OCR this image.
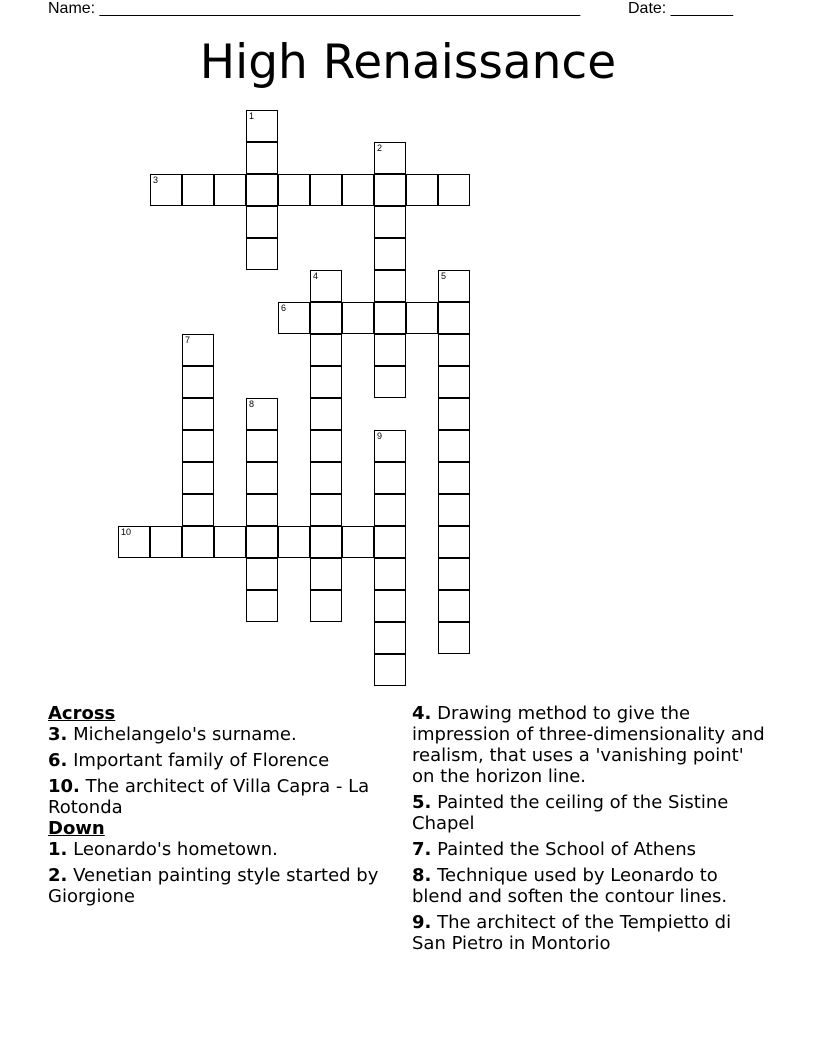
Name: ______________________________________________________	Date: _______
High Renaissance
1
2
3
4	5
6
7
8
9
10
Across
3. Michelangelo's surname.
6. Important family of Florence
10. The architect of Villa Capra - La Rotonda
Down
1. Leonardo's hometown.
2. Venetian painting style started by Giorgione
4. Drawing method to give the impression of three-dimensionality and realism, that uses a 'vanishing point' on the horizon line.
5. Painted the ceiling of the Sistine Chapel
7. Painted the School of Athens
8. Technique used by Leonardo to blend and soften the contour lines.
9. The architect of the Tempietto di San Pietro in Montorio
